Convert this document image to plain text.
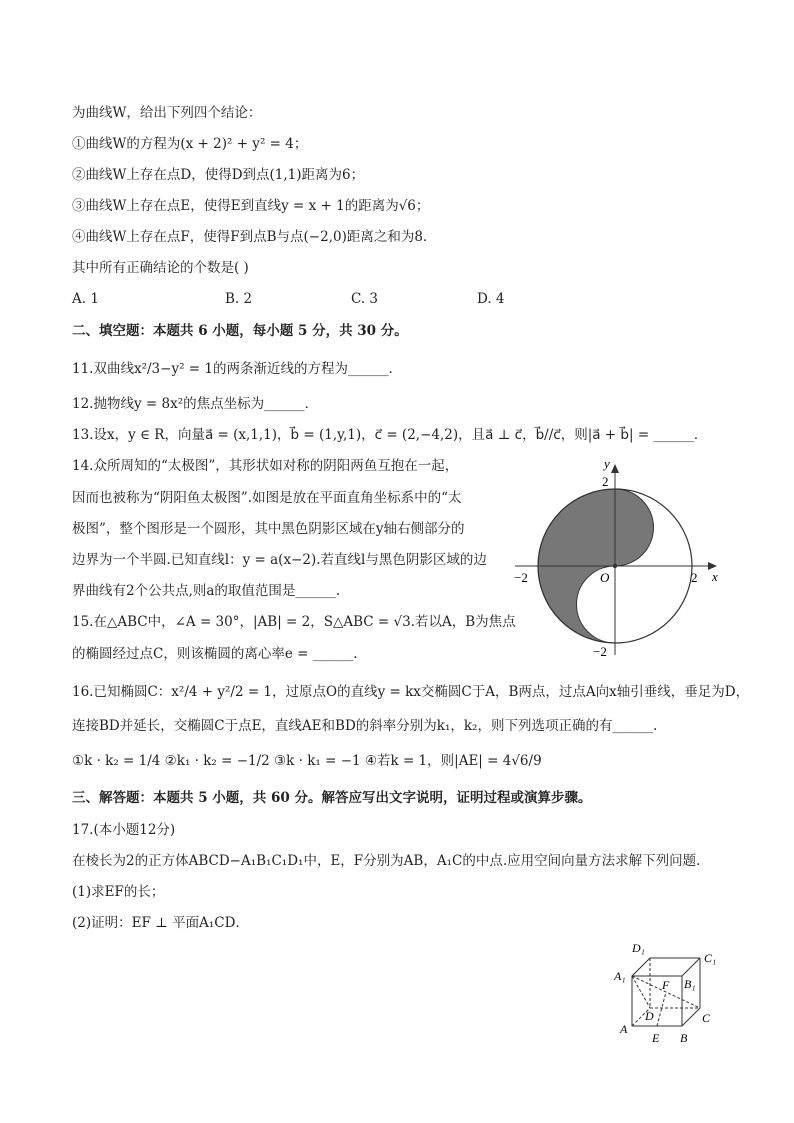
为曲线W，给出下列四个结论：
①曲线W的方程为(x + 2)² + y² = 4；
②曲线W上存在点D，使得D到点(1,1)距离为6；
③曲线W上存在点E，使得E到直线y = x + 1的距离为√6；
④曲线W上存在点F，使得F到点B与点(−2,0)距离之和为8．
其中所有正确结论的个数是( )
A. 1	B. 2	C. 3	D. 4
二、填空题：本题共 6 小题，每小题 5 分，共 30 分。
11.双曲线x²/3−y² = 1的两条渐近线的方程为______．
12.抛物线y = 8x²的焦点坐标为______．
13.设x，y ∈ R，向量a⃗ = (x,1,1)，b⃗ = (1,y,1)，c⃗ = (2,−4,2)，且a⃗ ⊥ c⃗，b⃗//c⃗，则|a⃗ + b⃗| = ______．
14.众所周知的“太极图”，其形状如对称的阴阳两鱼互抱在一起，
因而也被称为“阴阳鱼太极图”.如图是放在平面直角坐标系中的“太
极图”，整个图形是一个圆形，其中黑色阴影区域在y轴右侧部分的
边界为一个半圆.已知直线l：y = a(x−2).若直线l与黑色阴影区域的边
界曲线有2个公共点,则a的取值范围是______.
15.在△ABC中，∠A = 30°，|AB| = 2，S△ABC = √3.若以A，B为焦点
的椭圆经过点C，则该椭圆的离心率e = ______.
16.已知椭圆C：x²/4 + y²/2 = 1，过原点O的直线y = kx交椭圆C于A，B两点，过点A向x轴引垂线，垂足为D，
连接BD并延长，交椭圆C于点E，直线AE和BD的斜率分别为k₁，k₂，则下列选项正确的有______.
①k · k₂ = 1/4 ②k₁ · k₂ = −1/2 ③k · k₁ = −1 ④若k = 1，则|AE| = 4√6/9
三、解答题：本题共 5 小题，共 60 分。解答应写出文字说明，证明过程或演算步骤。
17.(本小题12分)
在棱长为2的正方体ABCD−A₁B₁C₁D₁中，E，F分别为AB，A₁C的中点.应用空间向量方法求解下列问题．
(1)求EF的长；
(2)证明：EF ⊥ 平面A₁CD．
y
x
2
−2
−2	2
O
D₁
C₁
A₁
B₁
F
D	C
A
E B
